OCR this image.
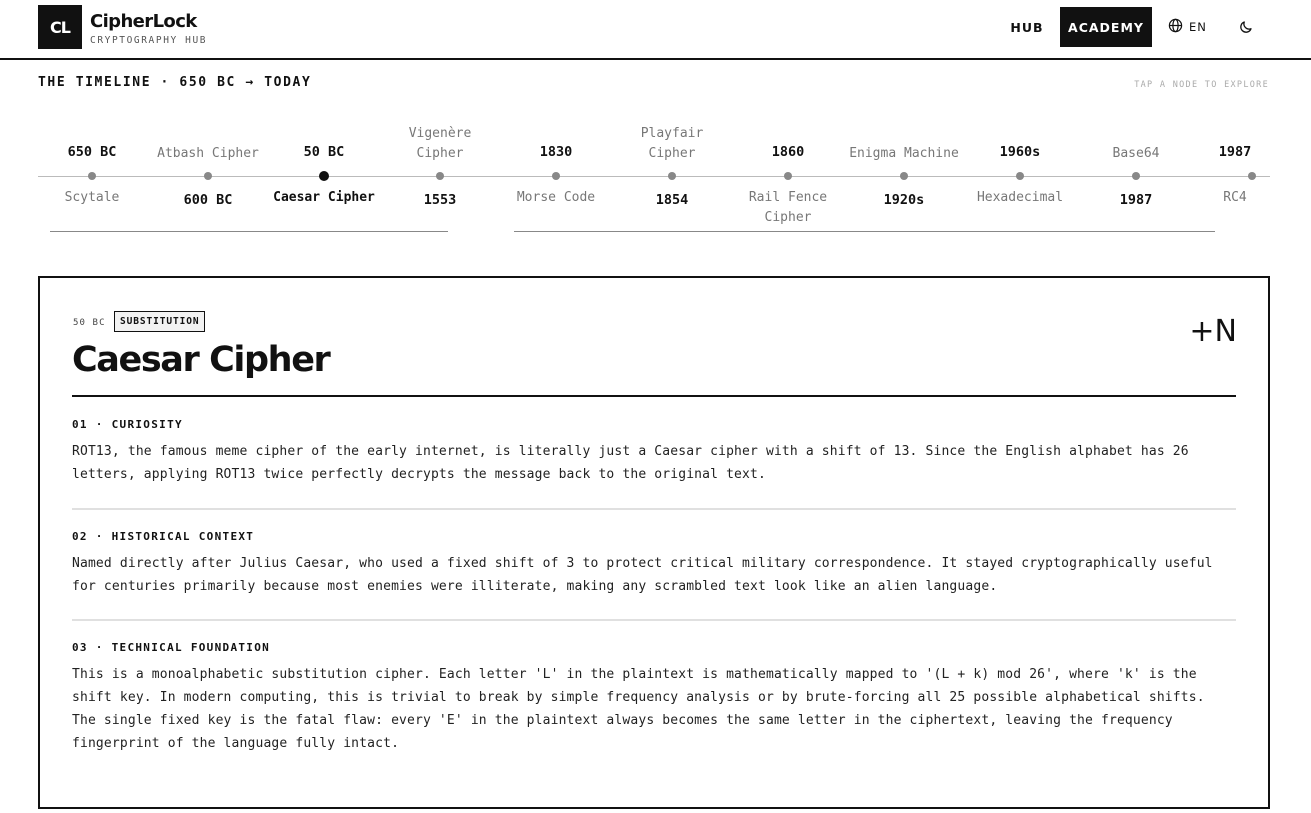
CL	CipherLock
CRYPTOGRAPHY HUB
HUB	ACADEMY	EN
THE TIMELINE · 650 BC → TODAY	TAP A NODE TO EXPLORE
650 BC
Scytale	600 BC
Atbash Cipher	50 BC
Caesar Cipher	1553
Vigenère Cipher	1830
Morse Code	1854
Playfair Cipher	1860
Rail Fence Cipher
1920s
Enigma Machine	1960s
Hexadecimal	1987
Base64	1987
RC4
50 BC	SUBSTITUTION
Caesar Cipher
+N
01 · CURIOSITY
ROT13, the famous meme cipher of the early internet, is literally just a Caesar cipher with a shift of 13. Since the English alphabet has 26 letters, applying ROT13 twice perfectly decrypts the message back to the original text.
02 · HISTORICAL CONTEXT
Named directly after Julius Caesar, who used a fixed shift of 3 to protect critical military correspondence. It stayed cryptographically useful for centuries primarily because most enemies were illiterate, making any scrambled text look like an alien language.
03 · TECHNICAL FOUNDATION
This is a monoalphabetic substitution cipher. Each letter 'L' in the plaintext is mathematically mapped to '(L + k) mod 26', where 'k' is the shift key. In modern computing, this is trivial to break by simple frequency analysis or by brute-forcing all 25 possible alphabetical shifts. The single fixed key is the fatal flaw: every 'E' in the plaintext always becomes the same letter in the ciphertext, leaving the frequency fingerprint of the language fully intact.
